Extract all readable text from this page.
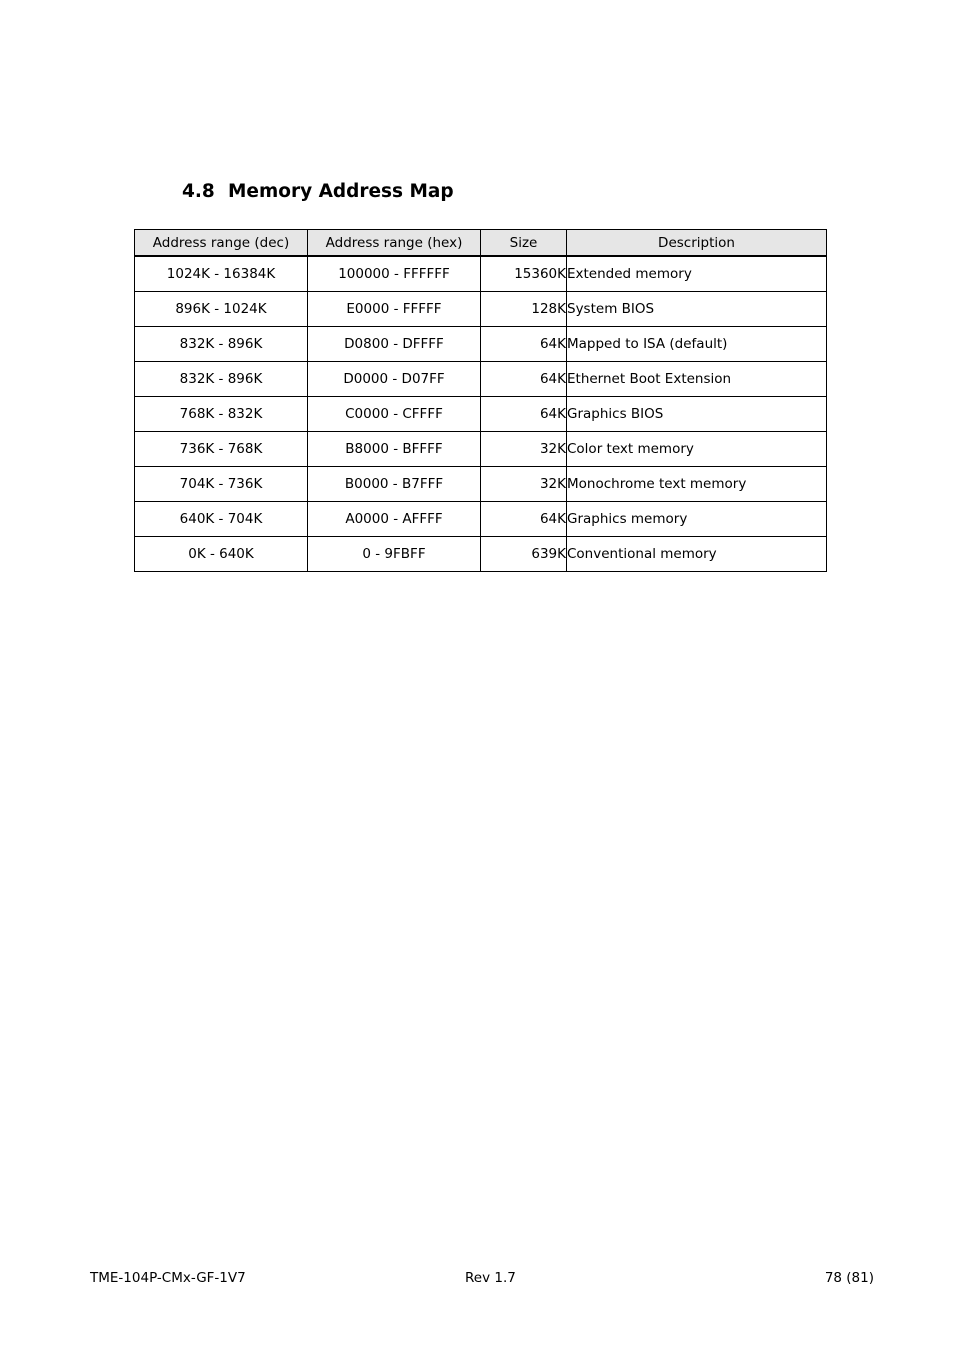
4.8 Memory Address Map
Address range (dec)	Address range (hex)	Size	Description
1024K - 16384K	100000 - FFFFFF	15360K	Extended memory
896K - 1024K	E0000 - FFFFF	128K	System BIOS
832K - 896K	D0800 - DFFFF	64K	Mapped to ISA (default)
832K - 896K	D0000 - D07FF	64K	Ethernet Boot Extension
768K - 832K	C0000 - CFFFF	64K	Graphics BIOS
736K - 768K	B8000 - BFFFF	32K	Color text memory
704K - 736K	B0000 - B7FFF	32K	Monochrome text memory
640K - 704K	A0000 - AFFFF	64K	Graphics memory
0K - 640K	0 - 9FBFF	639K	Conventional memory
TME-104P-CMx-GF-1V7	Rev 1.7	78 (81)
